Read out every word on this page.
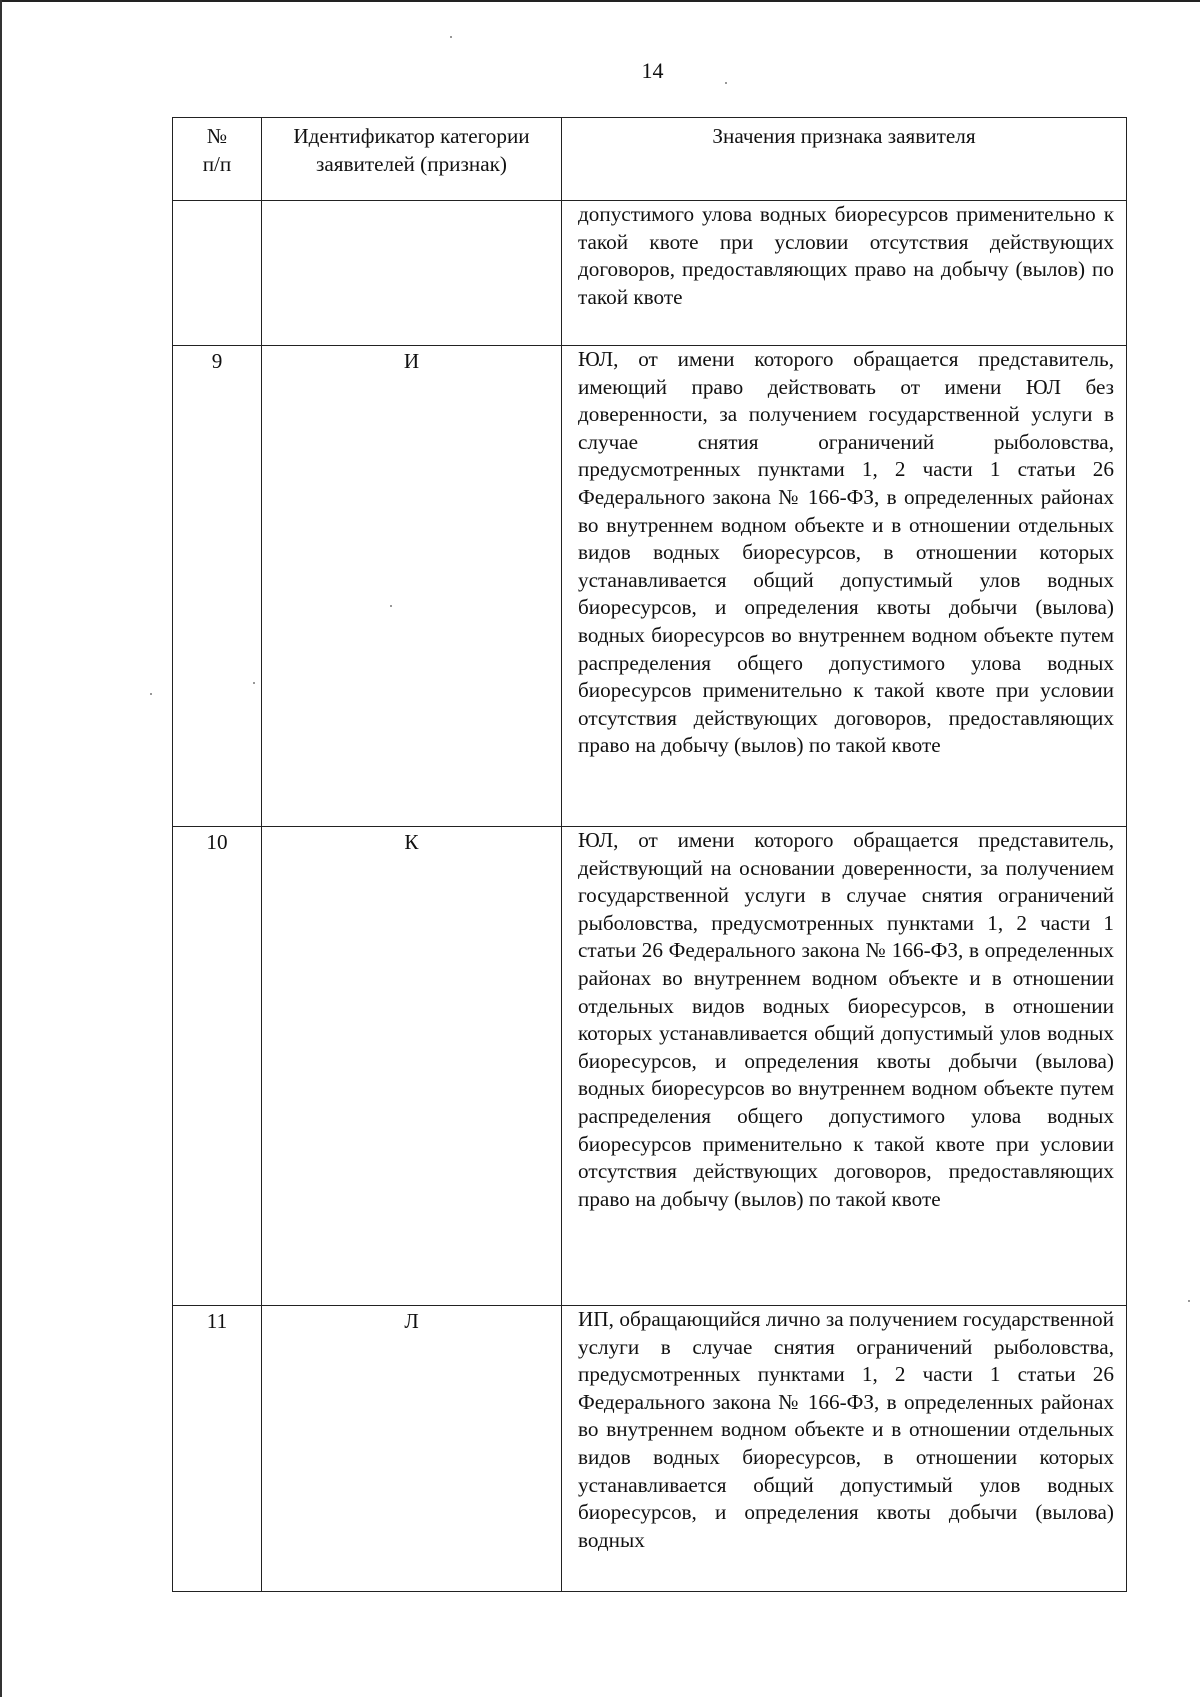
14
№
п/п	Идентификатор категории заявителей (признак)	Значения признака заявителя
		допустимого улова водных биоресурсов применительно к такой квоте при условии отсутствия действующих договоров, предоставляющих право на добычу (вылов) по такой квоте
9	И	ЮЛ, от имени которого обращается представитель, имеющий право действовать от имени ЮЛ без доверенности, за получением государственной услуги в случае снятия ограничений рыболовства, предусмотренных пунктами 1, 2 части 1 статьи 26 Федерального закона № 166-ФЗ, в определенных районах во внутреннем водном объекте и в отношении отдельных видов водных биоресурсов, в отношении которых устанавливается общий допустимый улов водных биоресурсов, и определения квоты добычи (вылова) водных биоресурсов во внутреннем водном объекте путем распределения общего допустимого улова водных биоресурсов применительно к такой квоте при условии отсутствия действующих договоров, предоставляющих право на добычу (вылов) по такой квоте
10	К	ЮЛ, от имени которого обращается представитель, действующий на основании доверенности, за получением государственной услуги в случае снятия ограничений рыболовства, предусмотренных пунктами 1, 2 части 1 статьи 26 Федерального закона № 166-ФЗ, в определенных районах во внутреннем водном объекте и в отношении отдельных видов водных биоресурсов, в отношении которых устанавливается общий допустимый улов водных биоресурсов, и определения квоты добычи (вылова) водных биоресурсов во внутреннем водном объекте путем распределения общего допустимого улова водных биоресурсов применительно к такой квоте при условии отсутствия действующих договоров, предоставляющих право на добычу (вылов) по такой квоте
11	Л	ИП, обращающийся лично за получением государственной услуги в случае снятия ограничений рыболовства, предусмотренных пунктами 1, 2 части 1 статьи 26 Федерального закона № 166-ФЗ, в определенных районах во внутреннем водном объекте и в отношении отдельных видов водных биоресурсов, в отношении которых устанавливается общий допустимый улов водных биоресурсов, и определения квоты добычи (вылова) водных
